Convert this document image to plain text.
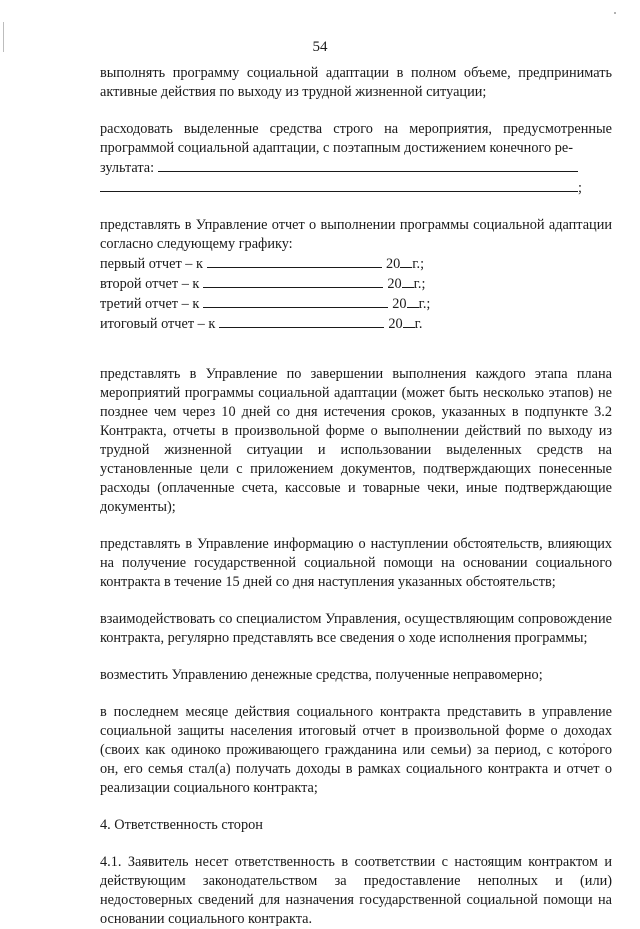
54

выполнять программу социальной адаптации в полном объеме, предпринимать активные действия по выходу из трудной жизненной ситуации;

расходовать выделенные средства строго на мероприятия, предусмотренные программой социальной адаптации, с поэтапным достижением конечного ре-

зультата:
;

представлять в Управление отчет о выполнении программы социальной адаптации согласно следующему графику:

первый отчет – к	20 г.;
второй отчет – к	20 г.;
третий отчет – к	20 г.;
итоговый отчет – к	20 г.

представлять в Управление по завершении выполнения каждого этапа плана мероприятий программы социальной адаптации (может быть несколько этапов) не позднее чем через 10 дней со дня истечения сроков, указанных в подпункте 3.2 Контракта, отчеты в произвольной форме о выполнении действий по выходу из трудной жизненной ситуации и использовании выделенных средств на установленные цели с приложением документов, подтверждающих понесенные расходы (оплаченные счета, кассовые и товарные чеки, иные подтверждающие документы);

представлять в Управление информацию о наступлении обстоятельств, влияющих на получение государственной социальной помощи на основании социального контракта в течение 15 дней со дня наступления указанных обстоятельств;

взаимодействовать со специалистом Управления, осуществляющим сопровождение контракта, регулярно представлять все сведения о ходе исполнения программы;

возместить Управлению денежные средства, полученные неправомерно;

в последнем месяце действия социального контракта представить в управление социальной защиты населения итоговый отчет в произвольной форме о доходах (своих как одиноко проживающего гражданина или семьи) за период, с которого он, его семья стал(а) получать доходы в рамках социального контракта и отчет о реализации социального контракта;

4. Ответственность сторон

4.1. Заявитель несет ответственность в соответствии с настоящим контрактом и действующим законодательством за предоставление неполных и (или) недостоверных сведений для назначения государственной социальной помощи на основании социального контракта.
